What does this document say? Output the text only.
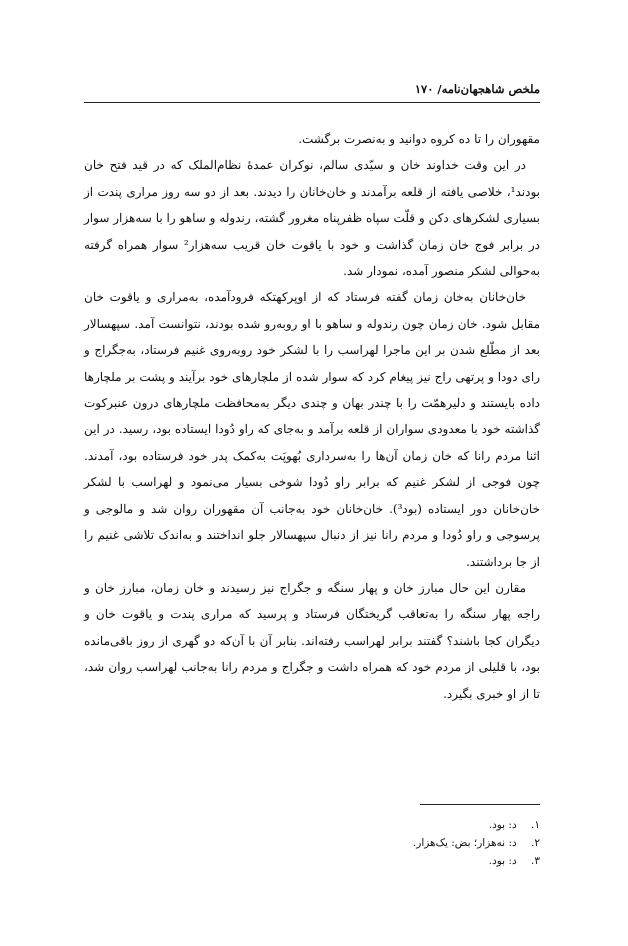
ملخص شاهجهان‌نامه/ ۱۷۰

مقهوران را تا ده کروه دوانید و به‌نصرت برگشت.

در این وقت خداوند خان و سیّدی سالم، نوکران عمدۀ نظام‌الملک که در قید فتح خان بودند¹، خلاصی یافته از قلعه برآمدند و خان‌خانان را دیدند. بعد از دو سه روز مراری پندت از بسیاری لشکرهای دکن و قلّت سپاه ظفرپناه مغرور گشته، رندوله و ساهو را با سه‌هزار سوار در برابر فوج خان زمان گذاشت و خود با یاقوت خان قریب سه‌هزار² سوار همراه گرفته به‌حوالی لشکر منصور آمده، نمودار شد.

خان‌خانان به‌خان زمان گفته فرستاد که از اوپرکهتکه فرودآمده، به‌مراری و یاقوت خان مقابل شود. خان زمان چون رندوله و ساهو با او روبه‌رو شده بودند، نتوانست آمد. سپهسالار بعد از مطّلع شدن بر این ماجرا لهراسب را با لشکر خود روبه‌روی غنیم فرستاد، به‌جگراج و رای دودا و پرتهی راج نیز پیغام کرد که سوار شده از ملچارهای خود برآیند و پشت بر ملچارها داده بایستند و دلیرهمّت را با چندر بهان و چندی دیگر به‌محافظت ملچارهای درون عنبرکوت گذاشته خود با معدودی سواران از قلعه برآمد و به‌جای که راو دُودا ایستاده بود، رسید. در این اثنا مردم رانا که خان زمان آن‌ها را به‌سرداری بُهوپَت به‌کمک پدر خود فرستاده بود، آمدند. چون فوجی از لشکر غنیم که برابر راو دُودا شوخی بسیار می‌نمود و لهراسب با لشکر خان‌خانان دور ایستاده (بود³). خان‌خانان خود به‌جانب آن مقهوران روان شد و مالوجی و پرسوجی و راو دُودا و مردم رانا نیز از دنبال سپهسالار جلو انداختند و به‌اندک تلاشی غنیم را از جا برداشتند.

مقارن این حال مبارز خان و پهار سنگه و جگراج نیز رسیدند و خان زمان، مبارز خان و راجه پهار سنگه را به‌تعاقب گریختگان فرستاد و پرسید که مراری پندت و یاقوت خان و دیگران کجا باشند؟ گفتند برابر لهراسب رفته‌اند. بنابر آن با آن‌که دو گهری از روز باقی‌مانده بود، با قلیلی از مردم خود که همراه داشت و جگراج و مردم رانا به‌جانب لهراسب روان شد، تا از او خبری بگیرد.

۱. د: بود.
۲. د: نه‌هزار؛ بض: یک‌هزار.
۳. د: بود.
